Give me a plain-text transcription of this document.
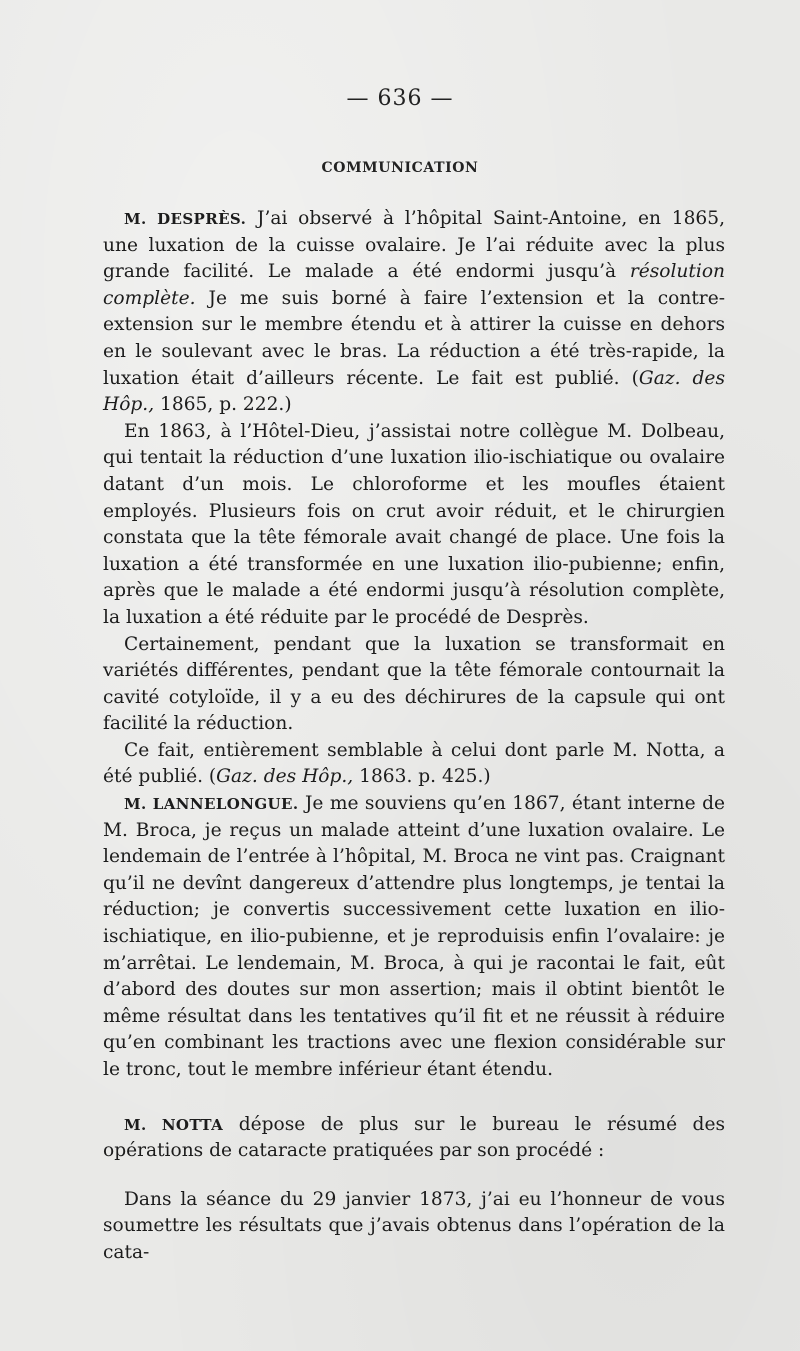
— 636 —
COMMUNICATION

M. DESPRÈS. J’ai observé à l’hôpital Saint-Antoine, en 1865, une luxation de la cuisse ovalaire. Je l’ai réduite avec la plus grande facilité. Le malade a été endormi jusqu’à résolution complète. Je me suis borné à faire l’extension et la contre-extension sur le membre étendu et à attirer la cuisse en dehors en le soulevant avec le bras. La réduction a été très-rapide, la luxation était d’ailleurs récente. Le fait est publié. (Gaz. des Hôp., 1865, p. 222.)

En 1863, à l’Hôtel-Dieu, j’assistai notre collègue M. Dolbeau, qui tentait la réduction d’une luxation ilio-ischiatique ou ovalaire datant d’un mois. Le chloroforme et les moufles étaient employés. Plusieurs fois on crut avoir réduit, et le chirurgien constata que la tête fémorale avait changé de place. Une fois la luxation a été transformée en une luxation ilio-pubienne; enfin, après que le malade a été endormi jusqu’à résolution complète, la luxation a été réduite par le procédé de Desprès.

Certainement, pendant que la luxation se transformait en variétés différentes, pendant que la tête fémorale contournait la cavité cotyloïde, il y a eu des déchirures de la capsule qui ont facilité la réduction.

Ce fait, entièrement semblable à celui dont parle M. Notta, a été publié. (Gaz. des Hôp., 1863. p. 425.)

M. LANNELONGUE. Je me souviens qu’en 1867, étant interne de M. Broca, je reçus un malade atteint d’une luxation ovalaire. Le lendemain de l’entrée à l’hôpital, M. Broca ne vint pas. Craignant qu’il ne devînt dangereux d’attendre plus longtemps, je tentai la réduction; je convertis successivement cette luxation en ilio-ischiatique, en ilio-pubienne, et je reproduisis enfin l’ovalaire: je m’arrêtai. Le lendemain, M. Broca, à qui je racontai le fait, eût d’abord des doutes sur mon assertion; mais il obtint bientôt le même résultat dans les tentatives qu’il fit et ne réussit à réduire qu’en combinant les tractions avec une flexion considérable sur le tronc, tout le membre inférieur étant étendu.

M. NOTTA dépose de plus sur le bureau le résumé des opérations de cataracte pratiquées par son procédé :

Dans la séance du 29 janvier 1873, j’ai eu l’honneur de vous soumettre les résultats que j’avais obtenus dans l’opération de la cata-
